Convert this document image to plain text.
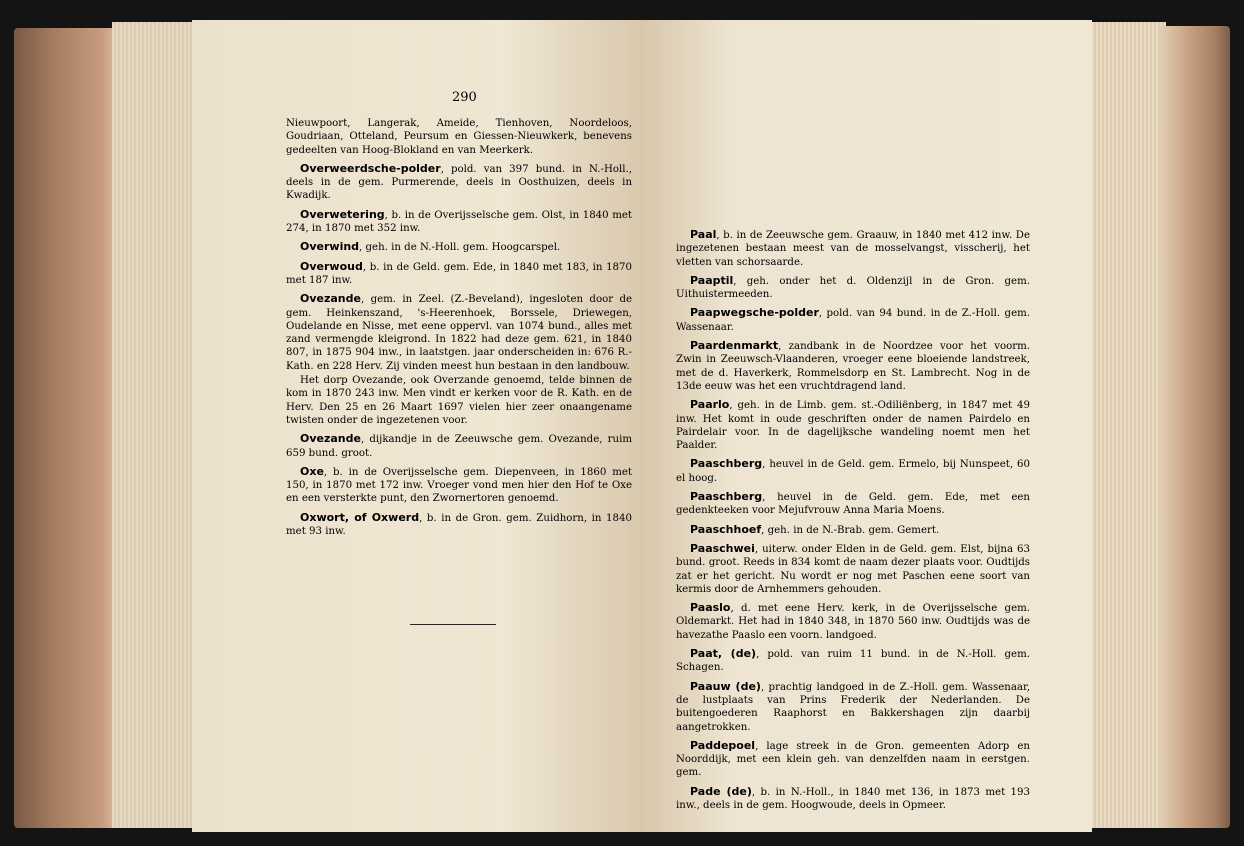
290

Nieuwpoort, Langerak, Ameide, Tienhoven, Noordeloos, Goudriaan, Otteland, Peursum en Giessen-Nieuwkerk, benevens gedeelten van Hoog-Blokland en van Meerkerk.

Overweerdsche-polder, pold. van 397 bund. in N.-Holl., deels in de gem. Purmerende, deels in Oosthuizen, deels in Kwadijk.

Overwetering, b. in de Overijsselsche gem. Olst, in 1840 met 274, in 1870 met 352 inw.

Overwind, geh. in de N.-Holl. gem. Hoogcarspel.

Overwoud, b. in de Geld. gem. Ede, in 1840 met 183, in 1870 met 187 inw.

Ovezande, gem. in Zeel. (Z.-Beveland), ingesloten door de gem. Heinkenszand, 's-Heerenhoek, Borssele, Driewegen, Oudelande en Nisse, met eene oppervl. van 1074 bund., alles met zand vermengde kleigrond. In 1822 had deze gem. 621, in 1840 807, in 1875 904 inw., in laatstgen. jaar onderscheiden in: 676 R.-Kath. en 228 Herv. Zij vinden meest hun bestaan in den landbouw.

Het dorp Ovezande, ook Overzande genoemd, telde binnen de kom in 1870 243 inw. Men vindt er kerken voor de R. Kath. en de Herv. Den 25 en 26 Maart 1697 vielen hier zeer onaangename twisten onder de ingezetenen voor.

Ovezande, dijkandje in de Zeeuwsche gem. Ovezande, ruim 659 bund. groot.

Oxe, b. in de Overijsselsche gem. Diepenveen, in 1860 met 150, in 1870 met 172 inw. Vroeger vond men hier den Hof te Oxe en een versterkte punt, den Zwornertoren genoemd.

Oxwort, of Oxwerd, b. in de Gron. gem. Zuidhorn, in 1840 met 93 inw.

Paal, b. in de Zeeuwsche gem. Graauw, in 1840 met 412 inw. De ingezetenen bestaan meest van de mosselvangst, visscherij, het vletten van schorsaarde.

Paaptil, geh. onder het d. Oldenzijl in de Gron. gem. Uithuistermeeden.

Paapwegsche-polder, pold. van 94 bund. in de Z.-Holl. gem. Wassenaar.

Paardenmarkt, zandbank in de Noordzee voor het voorm. Zwin in Zeeuwsch-Vlaanderen, vroeger eene bloeiende landstreek, met de d. Haverkerk, Rommelsdorp en St. Lambrecht. Nog in de 13de eeuw was het een vruchtdragend land.

Paarlo, geh. in de Limb. gem. st.-Odiliënberg, in 1847 met 49 inw. Het komt in oude geschriften onder de namen Pairdelo en Pairdelair voor. In de dagelijksche wandeling noemt men het Paalder.

Paaschberg, heuvel in de Geld. gem. Ermelo, bij Nunspeet, 60 el hoog.

Paaschberg, heuvel in de Geld. gem. Ede, met een gedenkteeken voor Mejufvrouw Anna Maria Moens.

Paaschhoef, geh. in de N.-Brab. gem. Gemert.

Paaschwei, uiterw. onder Elden in de Geld. gem. Elst, bijna 63 bund. groot. Reeds in 834 komt de naam dezer plaats voor. Oudtijds zat er het gericht. Nu wordt er nog met Paschen eene soort van kermis door de Arnhemmers gehouden.

Paaslo, d. met eene Herv. kerk, in de Overijsselsche gem. Oldemarkt. Het had in 1840 348, in 1870 560 inw. Oudtijds was de havezathe Paaslo een voorn. landgoed.

Paat, (de), pold. van ruim 11 bund. in de N.-Holl. gem. Schagen.

Paauw (de), prachtig landgoed in de Z.-Holl. gem. Wassenaar, de lustplaats van Prins Frederik der Nederlanden. De buitengoederen Raaphorst en Bakkershagen zijn daarbij aangetrokken.

Paddepoel, lage streek in de Gron. gemeenten Adorp en Noorddijk, met een klein geh. van denzelfden naam in eerstgen. gem.

Pade (de), b. in N.-Holl., in 1840 met 136, in 1873 met 193 inw., deels in de gem. Hoogwoude, deels in Opmeer.
